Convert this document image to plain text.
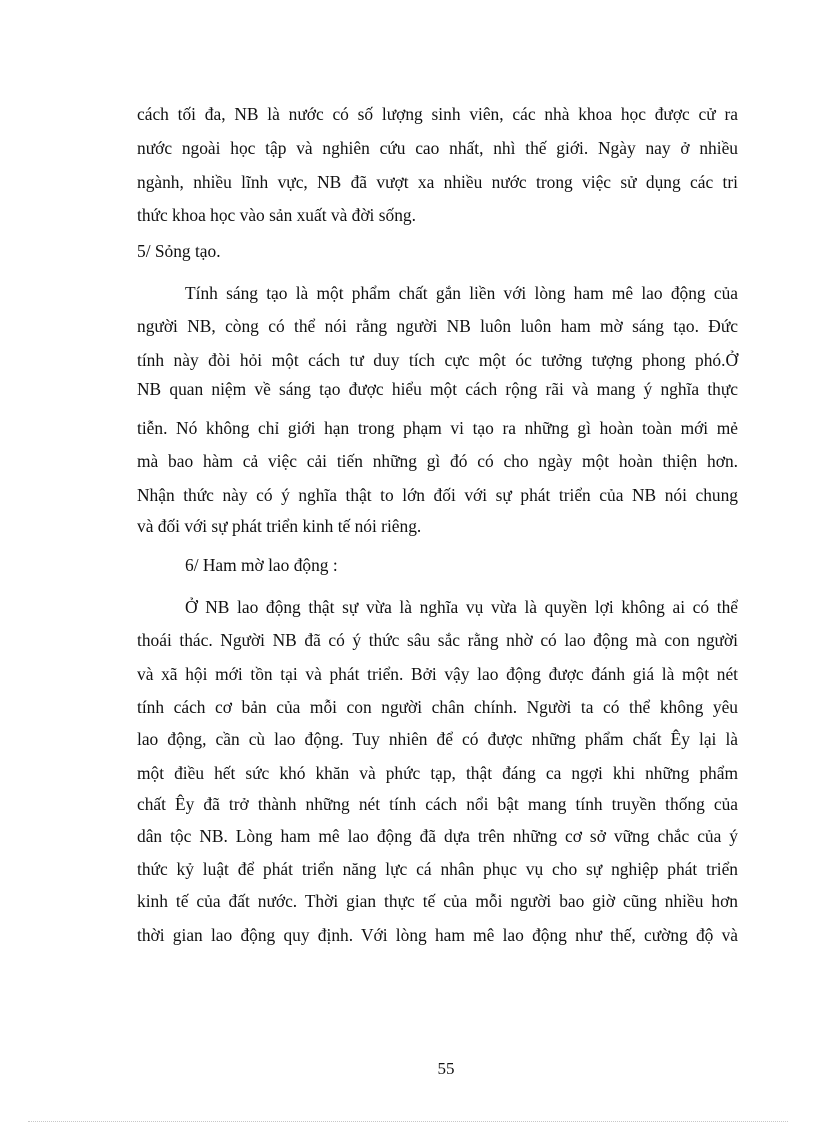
cách tối đa, NB là nước có số lượng sinh viên, các nhà khoa học được cử ra
nước ngoài học tập và nghiên cứu cao nhất, nhì thế giới. Ngày nay ở nhiều
ngành, nhiều lĩnh vực, NB đã vượt xa nhiều nước trong việc sử dụng các tri
thức khoa học vào sản xuất và đời sống.
5/ Sỏng tạo.
Tính sáng tạo là một phẩm chất gắn liền với lòng ham mê lao động của
người NB, còng có thể nói rằng người NB luôn luôn ham mờ sáng tạo. Đức
tính này đòi hỏi một cách tư duy tích cực một óc tưởng tượng phong phó.Ở
NB quan niệm về sáng tạo được hiểu một cách rộng rãi và mang ý nghĩa thực
tiễn. Nó không chỉ giới hạn trong phạm vi tạo ra những gì hoàn toàn mới mẻ
mà bao hàm cả việc cải tiến những gì đó có cho ngày một hoàn thiện hơn.
Nhận thức này có ý nghĩa thật to lớn đối với sự phát triển của NB nói chung
và đối với sự phát triển kinh tế nói riêng.
6/ Ham mờ lao động :
Ở NB lao động thật sự vừa là nghĩa vụ vừa là quyền lợi không ai có thể
thoái thác. Người NB đã có ý thức sâu sắc rằng nhờ có lao động mà con người
và xã hội mới tồn tại và phát triển. Bởi vậy lao động được đánh giá là một nét
tính cách cơ bản của mỗi con người chân chính. Người ta có thể không yêu
lao động, cần cù lao động. Tuy nhiên để có được những phẩm chất Êy lại là
một điều hết sức khó khăn và phức tạp, thật đáng ca ngợi khi những phẩm
chất Êy đã trở thành những nét tính cách nổi bật mang tính truyền thống của
dân tộc NB. Lòng ham mê lao động đã dựa trên những cơ sở vững chắc của ý
thức kỷ luật để phát triển năng lực cá nhân phục vụ cho sự nghiệp phát triển
kinh tế của đất nước. Thời gian thực tế của mỗi người bao giờ cũng nhiều hơn
thời gian lao động quy định. Với lòng ham mê lao động như thế, cường độ và
55
